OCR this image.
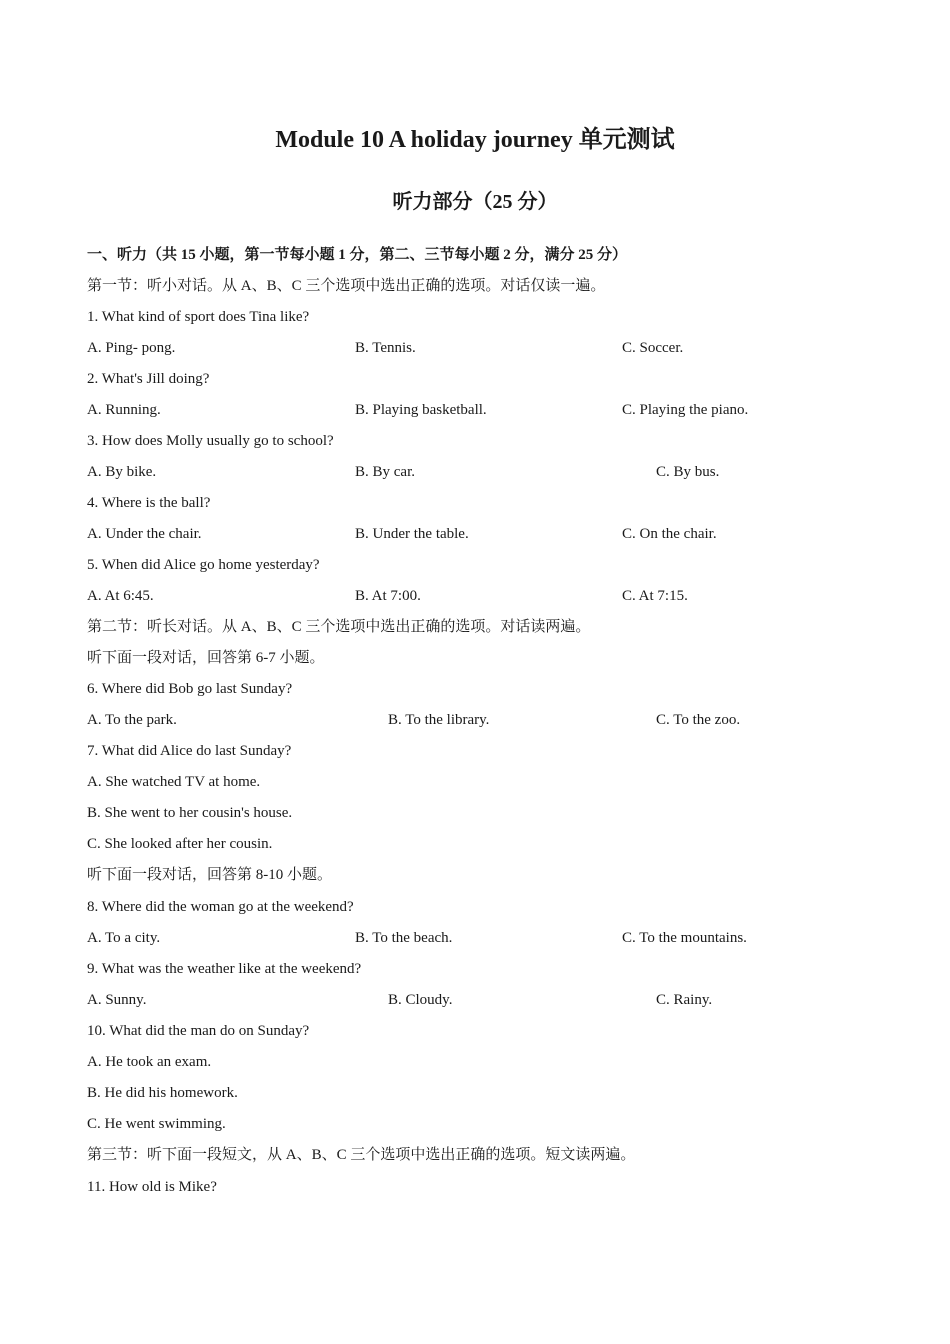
Module 10 A holiday journey 单元测试
听力部分（25 分）
一、听力（共 15 小题，第一节每小题 1 分，第二、三节每小题 2 分，满分 25 分）
第一节：听小对话。从 A、B、C 三个选项中选出正确的选项。对话仅读一遍。
1. What kind of sport does Tina like?
A. Ping- pong.	B. Tennis.	C. Soccer.
2. What's Jill doing?
A. Running.	B. Playing basketball.	C. Playing the piano.
3. How does Molly usually go to school?
A. By bike.	B. By car.	C. By bus.
4. Where is the ball?
A. Under the chair.	B. Under the table.	C. On the chair.
5. When did Alice go home yesterday?
A. At 6:45.	B. At 7:00.	C. At 7:15.
第二节：听长对话。从 A、B、C 三个选项中选出正确的选项。对话读两遍。
听下面一段对话，回答第 6-7 小题。
6. Where did Bob go last Sunday?
A. To the park.	B. To the library.	C. To the zoo.
7. What did Alice do last Sunday?
A. She watched TV at home.
B. She went to her cousin's house.
C. She looked after her cousin.
听下面一段对话，回答第 8-10 小题。
8. Where did the woman go at the weekend?
A. To a city.	B. To the beach.	C. To the mountains.
9. What was the weather like at the weekend?
A. Sunny.	B. Cloudy.	C. Rainy.
10. What did the man do on Sunday?
A. He took an exam.
B. He did his homework.
C. He went swimming.
第三节：听下面一段短文，从 A、B、C 三个选项中选出正确的选项。短文读两遍。
11. How old is Mike?
